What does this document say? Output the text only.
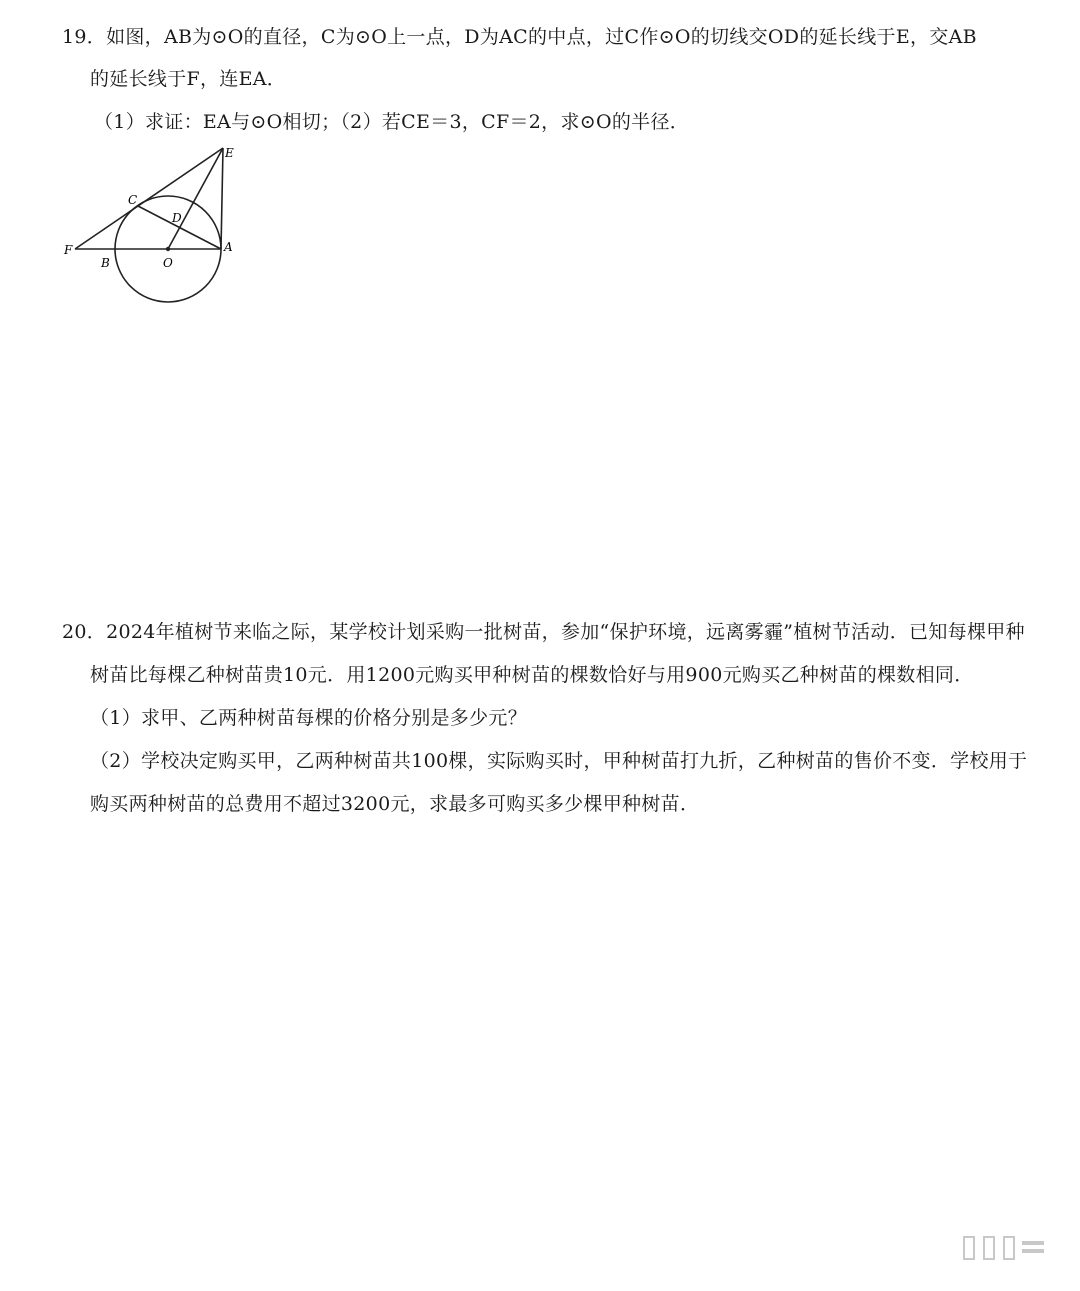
19．如图，AB为⊙O的直径，C为⊙O上一点，D为AC的中点，过C作⊙O的切线交OD的延长线于E，交AB
的延长线于F，连EA．
（1）求证：EA与⊙O相切；（2）若CE＝3，CF＝2，求⊙O的半径．
E
C
D
F
B	O
A
20．2024年植树节来临之际，某学校计划采购一批树苗，参加“保护环境，远离雾霾”植树节活动．已知每棵甲种
树苗比每棵乙种树苗贵10元．用1200元购买甲种树苗的棵数恰好与用900元购买乙种树苗的棵数相同．
（1）求甲、乙两种树苗每棵的价格分别是多少元？
（2）学校决定购买甲，乙两种树苗共100棵，实际购买时，甲种树苗打九折，乙种树苗的售价不变．学校用于
购买两种树苗的总费用不超过3200元，求最多可购买多少棵甲种树苗．
